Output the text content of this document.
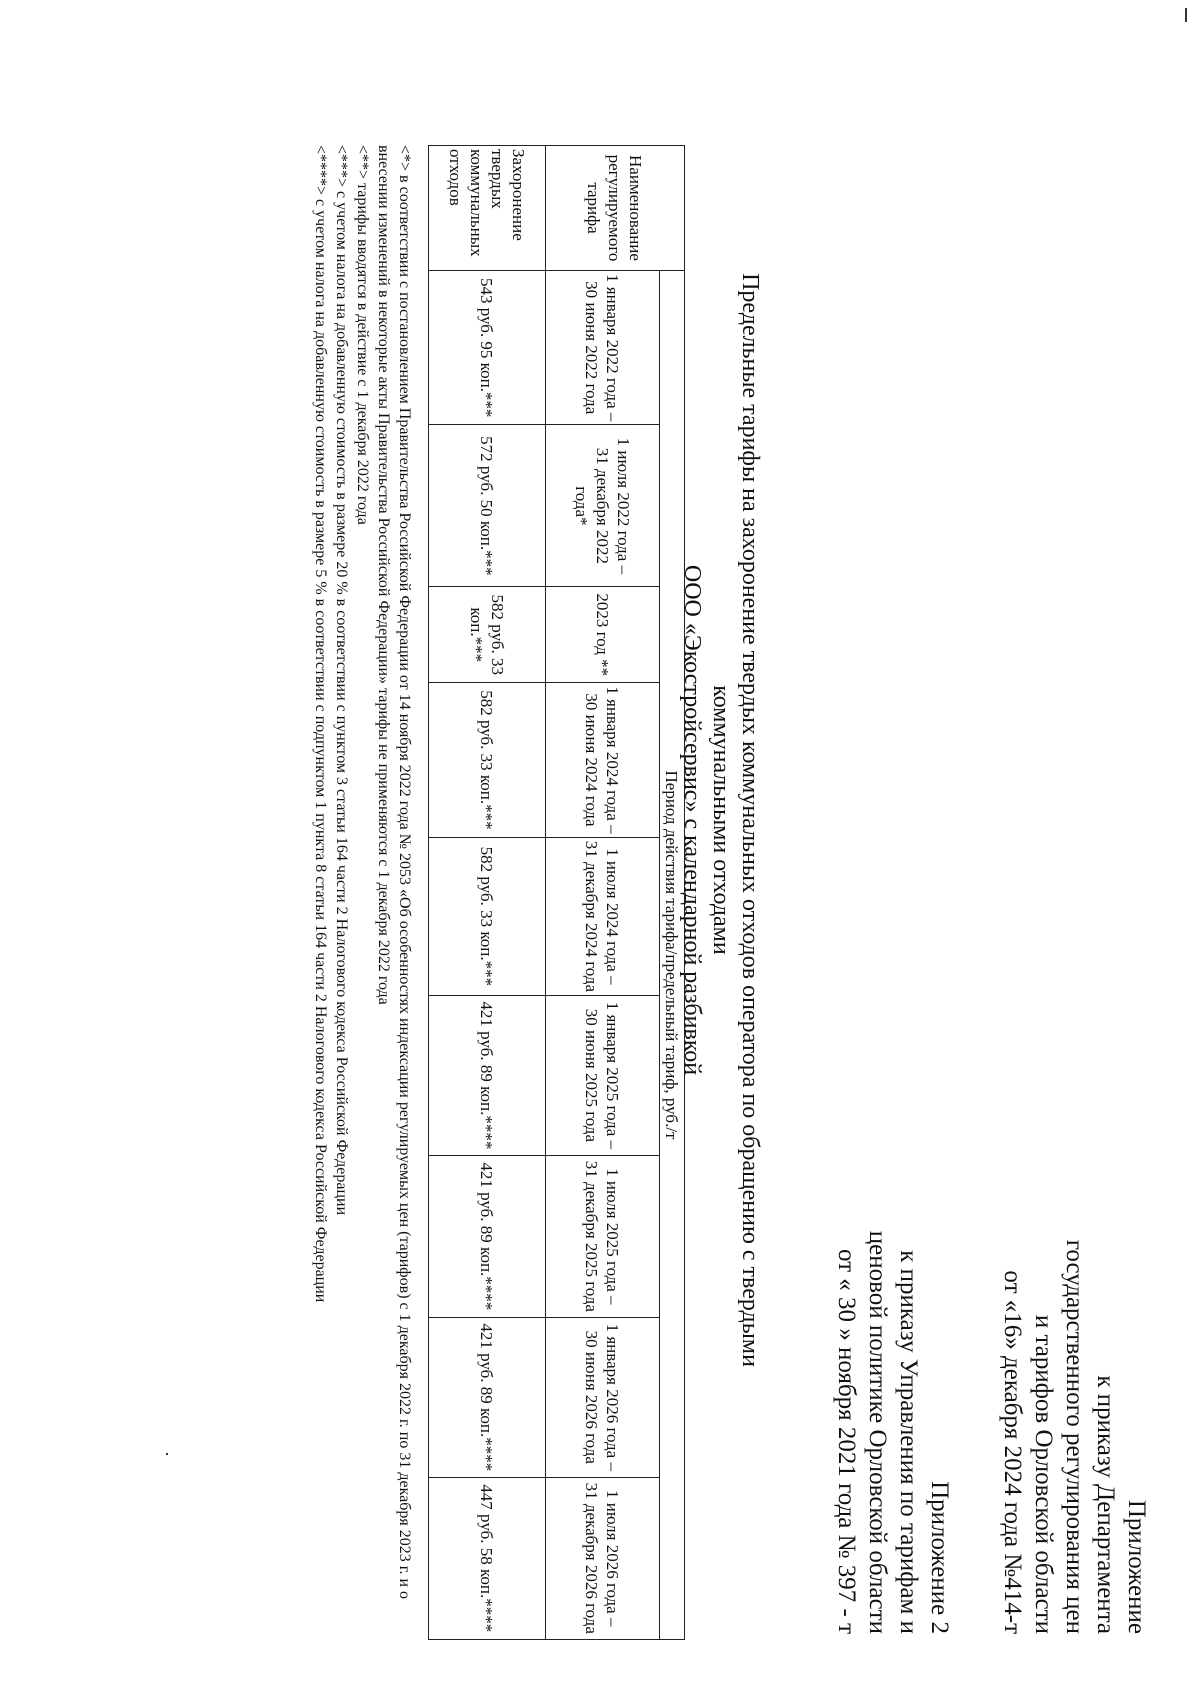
Приложение
к приказу Департамента
государственного регулирования цен
и тарифов Орловской области
от «16» декабря 2024 года №414-т
Приложение 2
к приказу Управления по тарифам и
ценовой политике Орловской области
от « 30 » ноября 2021 года № 397 - т
Предельные тарифы на захоронение твердых коммунальных отходов оператора по обращению с твердыми коммунальными отходами
ООО «Экостройсервис» с календарной разбивкой
Наименование регулируемого тарифа	Период действия тарифа/предельный тариф, руб./т								
	1 января 2022 года – 30 июня 2022 года	1 июля 2022 года – 31 декабря 2022 года*	2023 год **	1 января 2024 года – 30 июня 2024 года	1 июля 2024 года – 31 декабря 2024 года	1 января 2025 года – 30 июня 2025 года	1 июля 2025 года – 31 декабря 2025 года	1 января 2026 года – 30 июня 2026 года	1 июля 2026 года – 31 декабря 2026 года
Захоронение твердых коммунальных отходов	543 руб. 95 коп.***	572 руб. 50 коп.***	582 руб. 33 коп.***	582 руб. 33 коп.***	582 руб. 33 коп.***	421 руб. 89 коп.****	421 руб. 89 коп.****	421 руб. 89 коп.****	447 руб. 58 коп.****

<*> в соответствии с постановлением Правительства Российской Федерации от 14 ноября 2022 года № 2053 «Об особенностях индексации регулируемых цен (тарифов) с 1 декабря 2022 г. по 31 декабря 2023 г. и о внесении изменений в некоторые акты Правительства Российской Федерации» тарифы не применяются с 1 декабря 2022 года

<**> тарифы вводятся в действие с 1 декабря 2022 года

<***> с учетом налога на добавленную стоимость в размере 20 % в соответствии с пунктом 3 статьи 164 части 2 Налогового кодекса Российской Федерации

<****> с учетом налога на добавленную стоимость в размере 5 % в соответствии с подпунктом 1 пункта 8 статьи 164 части 2 Налогового кодекса Российской Федерации
